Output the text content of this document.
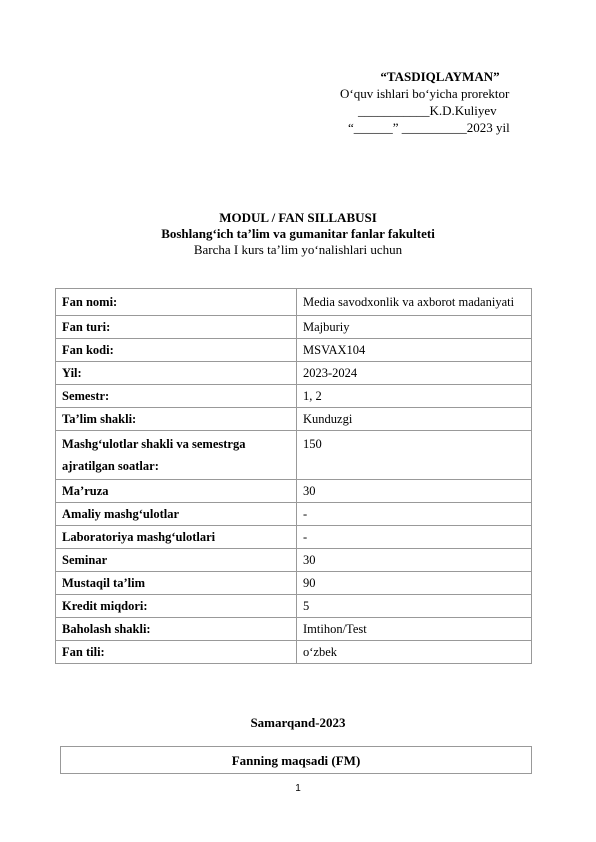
“TASDIQLAYMAN”
O‘quv ishlari bo‘yicha prorektor
___________K.D.Kuliyev
“______” __________2023 yil
MODUL / FAN SILLABUSI
Boshlang‘ich ta’lim va gumanitar fanlar fakulteti
Barcha I kurs ta’lim yo‘nalishlari uchun
Fan nomi:	Media savodxonlik va axborot madaniyati
Fan turi:	Majburiy
Fan kodi:	MSVAX104
Yil:	2023-2024
Semestr:	1, 2
Ta’lim shakli:	Kunduzgi
Mashg‘ulotlar shakli va semestrga ajratilgan soatlar:	150
Ma’ruza	30
Amaliy mashg‘ulotlar	-
Laboratoriya mashg‘ulotlari	-
Seminar	30
Mustaqil ta’lim	90
Kredit miqdori:	5
Baholash shakli:	Imtihon/Test
Fan tili:	o‘zbek
Samarqand-2023
Fanning maqsadi (FM)
1
